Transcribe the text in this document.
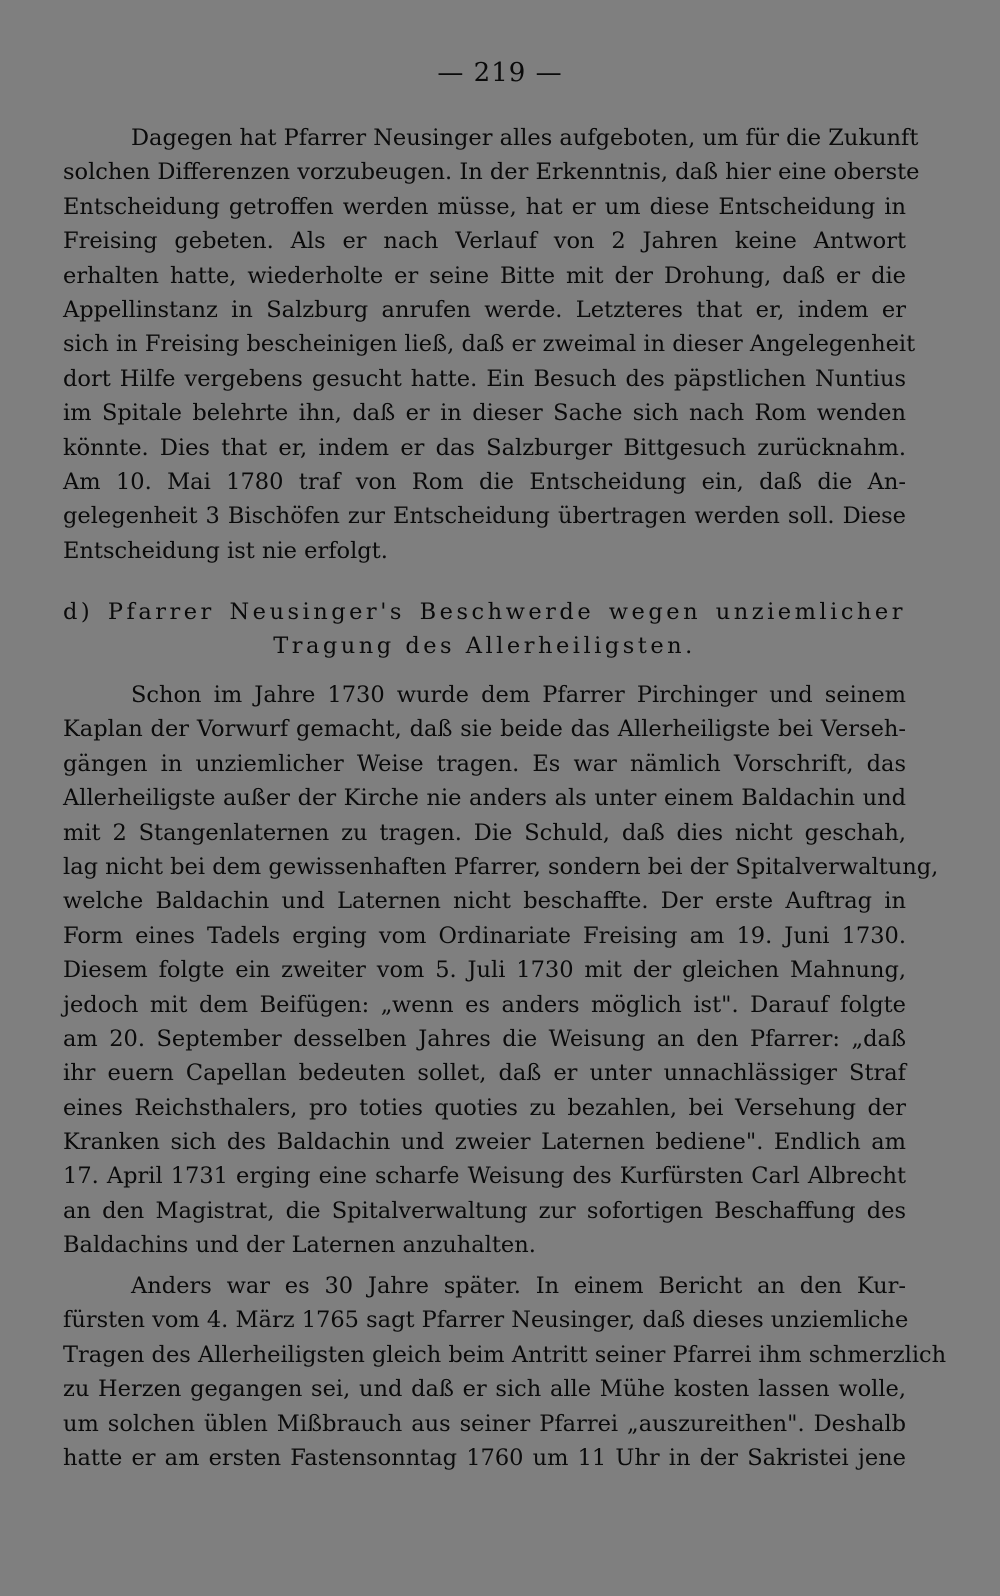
— 219 —
Dagegen hat Pfarrer Neusinger alles aufgeboten, um für die Zukunft
solchen Differenzen vorzubeugen. In der Erkenntnis, daß hier eine oberste
Entscheidung getroffen werden müsse, hat er um diese Entscheidung in
Freising gebeten. Als er nach Verlauf von 2 Jahren keine Antwort
erhalten hatte, wiederholte er seine Bitte mit der Drohung, daß er die
Appellinstanz in Salzburg anrufen werde. Letzteres that er, indem er
sich in Freising bescheinigen ließ, daß er zweimal in dieser Angelegenheit
dort Hilfe vergebens gesucht hatte. Ein Besuch des päpstlichen Nuntius
im Spitale belehrte ihn, daß er in dieser Sache sich nach Rom wenden
könnte. Dies that er, indem er das Salzburger Bittgesuch zurücknahm.
Am 10. Mai 1780 traf von Rom die Entscheidung ein, daß die An-
gelegenheit 3 Bischöfen zur Entscheidung übertragen werden soll. Diese
Entscheidung ist nie erfolgt.
d) Pfarrer Neusinger's Beschwerde wegen unziemlicher
Tragung des Allerheiligsten.
Schon im Jahre 1730 wurde dem Pfarrer Pirchinger und seinem
Kaplan der Vorwurf gemacht, daß sie beide das Allerheiligste bei Verseh-
gängen in unziemlicher Weise tragen. Es war nämlich Vorschrift, das
Allerheiligste außer der Kirche nie anders als unter einem Baldachin und
mit 2 Stangenlaternen zu tragen. Die Schuld, daß dies nicht geschah,
lag nicht bei dem gewissenhaften Pfarrer, sondern bei der Spitalverwaltung,
welche Baldachin und Laternen nicht beschaffte. Der erste Auftrag in
Form eines Tadels erging vom Ordinariate Freising am 19. Juni 1730.
Diesem folgte ein zweiter vom 5. Juli 1730 mit der gleichen Mahnung,
jedoch mit dem Beifügen: „wenn es anders möglich ist". Darauf folgte
am 20. September desselben Jahres die Weisung an den Pfarrer: „daß
ihr euern Capellan bedeuten sollet, daß er unter unnachlässiger Straf
eines Reichsthalers, pro toties quoties zu bezahlen, bei Versehung der
Kranken sich des Baldachin und zweier Laternen bediene". Endlich am
17. April 1731 erging eine scharfe Weisung des Kurfürsten Carl Albrecht
an den Magistrat, die Spitalverwaltung zur sofortigen Beschaffung des
Baldachins und der Laternen anzuhalten.
Anders war es 30 Jahre später. In einem Bericht an den Kur-
fürsten vom 4. März 1765 sagt Pfarrer Neusinger, daß dieses unziemliche
Tragen des Allerheiligsten gleich beim Antritt seiner Pfarrei ihm schmerzlich
zu Herzen gegangen sei, und daß er sich alle Mühe kosten lassen wolle,
um solchen üblen Mißbrauch aus seiner Pfarrei „auszureithen". Deshalb
hatte er am ersten Fastensonntag 1760 um 11 Uhr in der Sakristei jene
